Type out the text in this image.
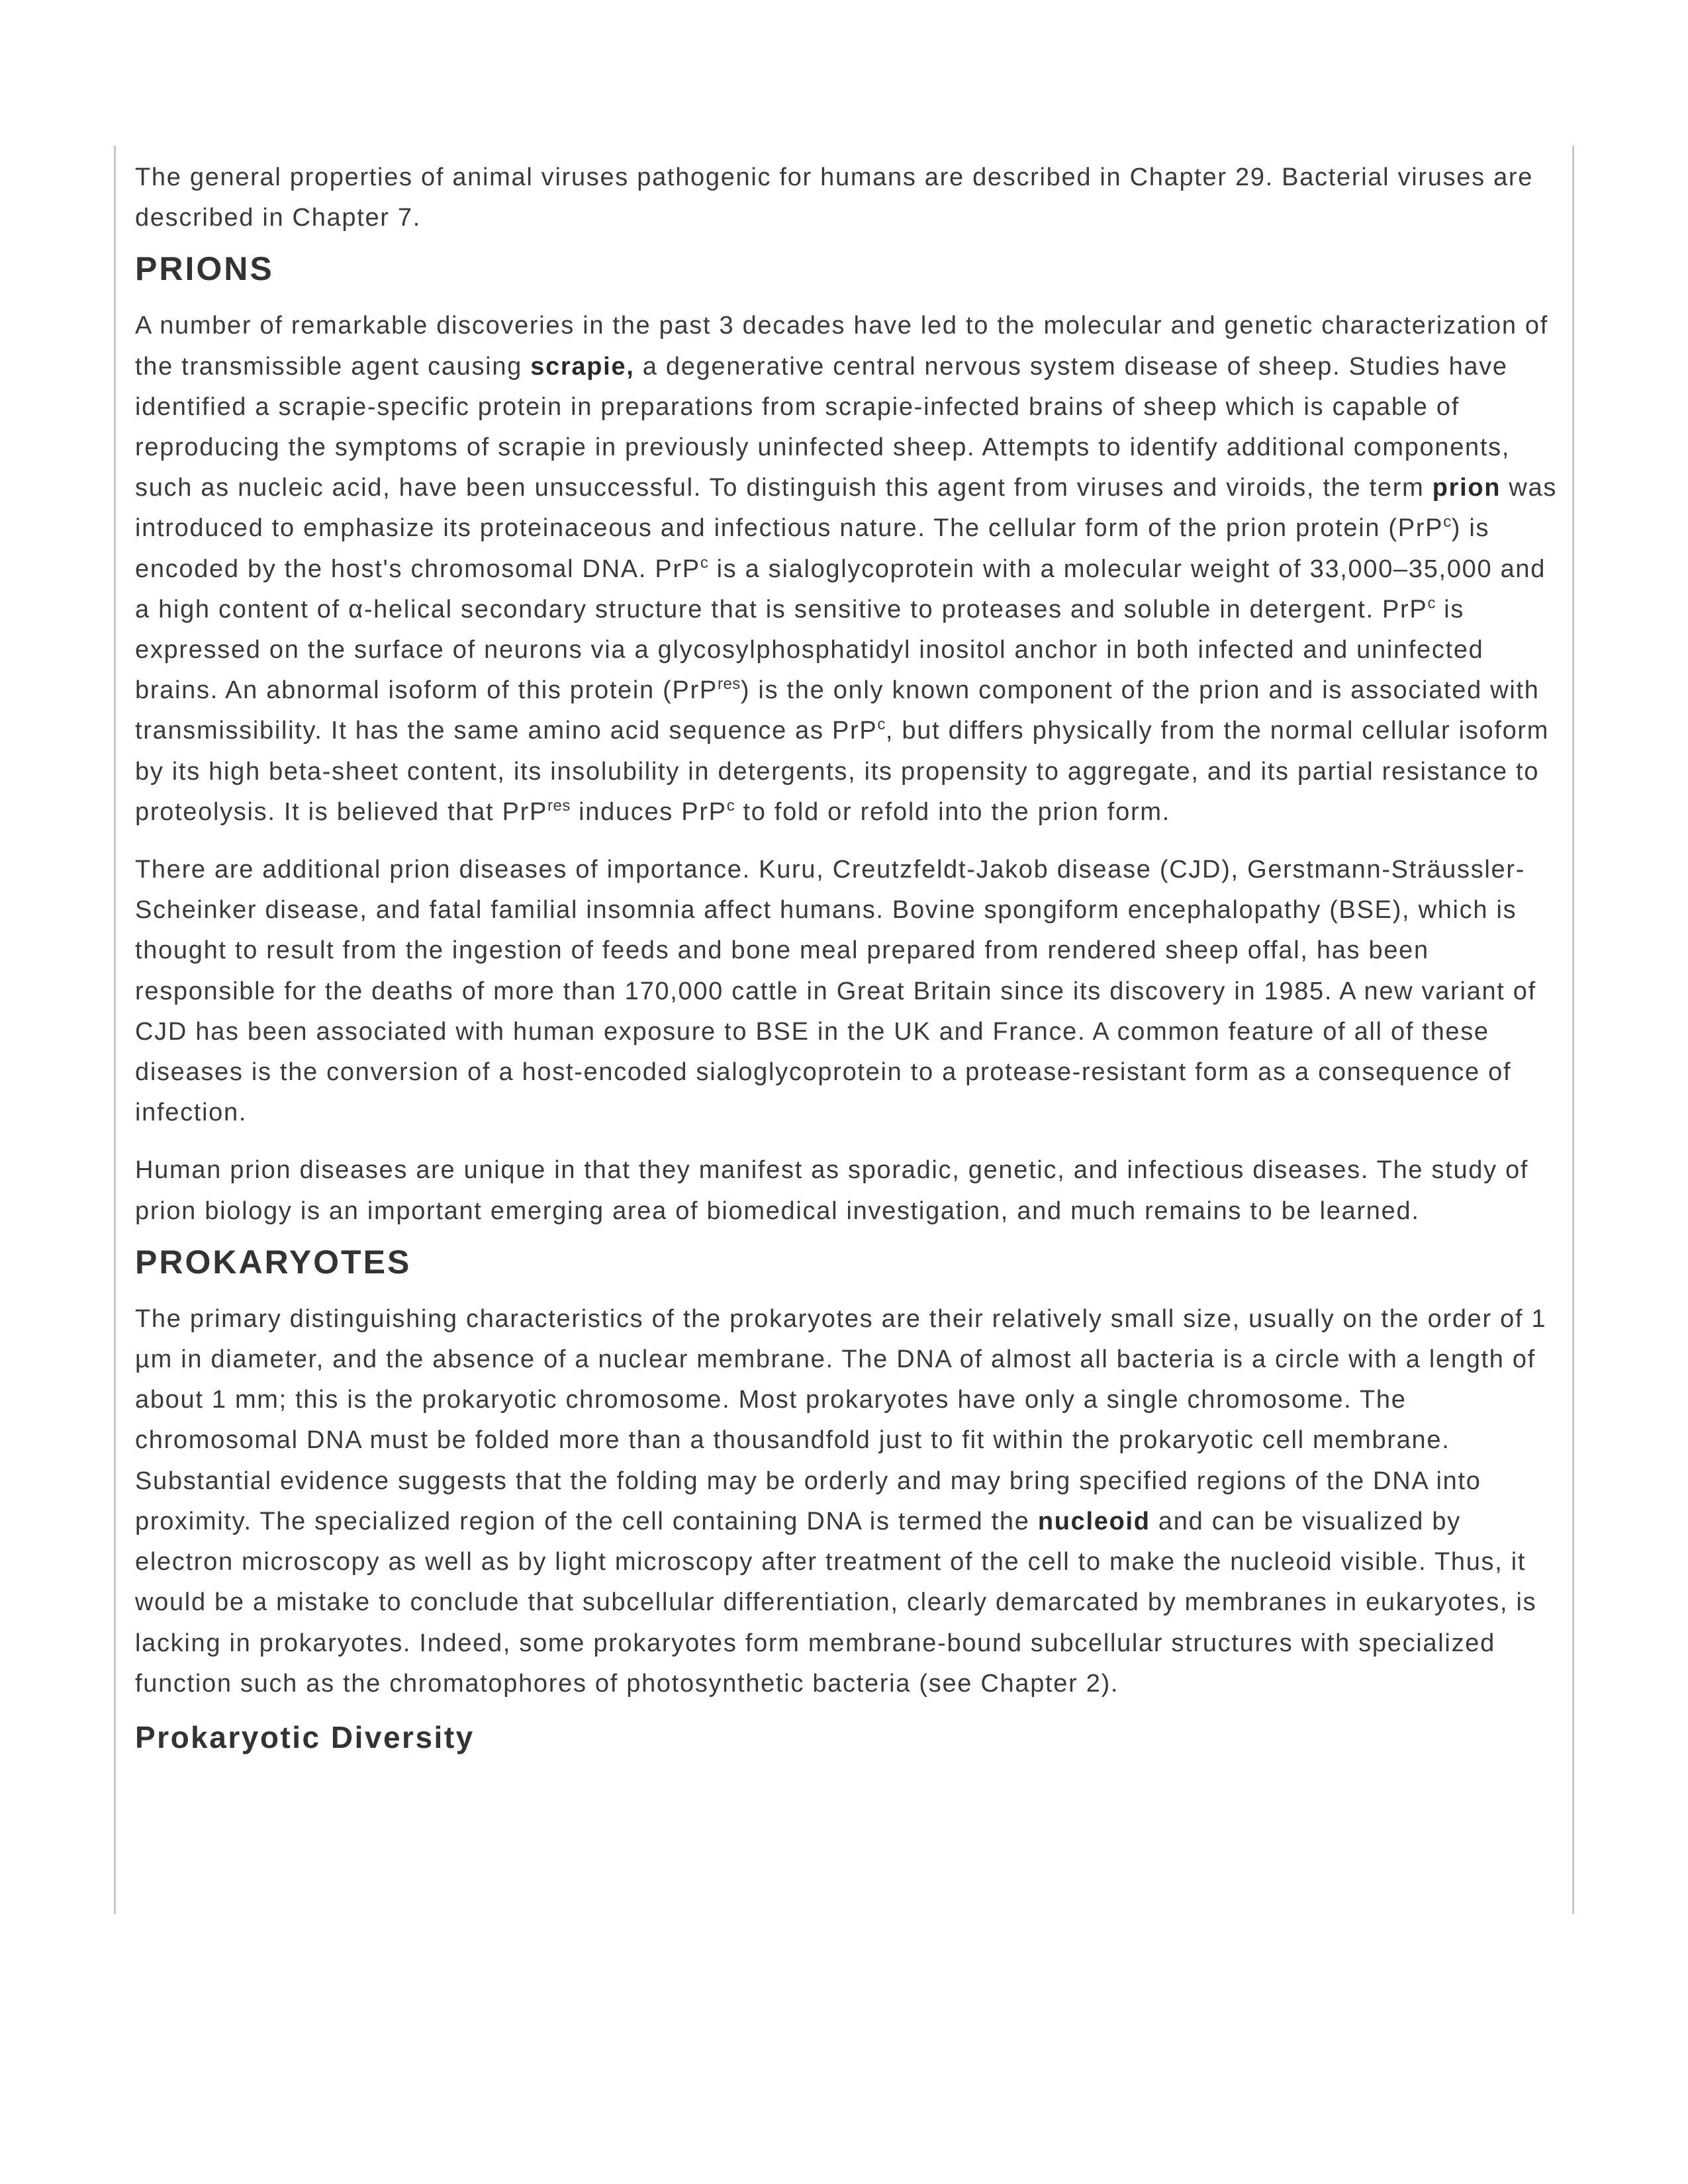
The general properties of animal viruses pathogenic for humans are described in Chapter 29. Bacterial viruses are described in Chapter 7.

PRIONS

A number of remarkable discoveries in the past 3 decades have led to the molecular and genetic characterization of the transmissible agent causing scrapie, a degenerative central nervous system disease of sheep. Studies have identified a scrapie-specific protein in preparations from scrapie-infected brains of sheep which is capable of reproducing the symptoms of scrapie in previously uninfected sheep. Attempts to identify additional components, such as nucleic acid, have been unsuccessful. To distinguish this agent from viruses and viroids, the term prion was introduced to emphasize its proteinaceous and infectious nature. The cellular form of the prion protein (PrP$^c$) is encoded by the host's chromosomal DNA. PrP$^c$ is a sialoglycoprotein with a molecular weight of 33,000–35,000 and a high content of α-helical secondary structure that is sensitive to proteases and soluble in detergent. PrP$^c$ is expressed on the surface of neurons via a glycosylphosphatidyl inositol anchor in both infected and uninfected brains. An abnormal isoform of this protein (PrP$^{res}$) is the only known component of the prion and is associated with transmissibility. It has the same amino acid sequence as PrP$^c$, but differs physically from the normal cellular isoform by its high beta-sheet content, its insolubility in detergents, its propensity to aggregate, and its partial resistance to proteolysis. It is believed that PrP$^{res}$ induces PrP$^c$ to fold or refold into the prion form.

There are additional prion diseases of importance. Kuru, Creutzfeldt-Jakob disease (CJD), Gerstmann-Sträussler-Scheinker disease, and fatal familial insomnia affect humans. Bovine spongiform encephalopathy (BSE), which is thought to result from the ingestion of feeds and bone meal prepared from rendered sheep offal, has been responsible for the deaths of more than 170,000 cattle in Great Britain since its discovery in 1985. A new variant of CJD has been associated with human exposure to BSE in the UK and France. A common feature of all of these diseases is the conversion of a host-encoded sialoglycoprotein to a protease-resistant form as a consequence of infection.

Human prion diseases are unique in that they manifest as sporadic, genetic, and infectious diseases. The study of prion biology is an important emerging area of biomedical investigation, and much remains to be learned.

PROKARYOTES

The primary distinguishing characteristics of the prokaryotes are their relatively small size, usually on the order of 1 µm in diameter, and the absence of a nuclear membrane. The DNA of almost all bacteria is a circle with a length of about 1 mm; this is the prokaryotic chromosome. Most prokaryotes have only a single chromosome. The chromosomal DNA must be folded more than a thousandfold just to fit within the prokaryotic cell membrane. Substantial evidence suggests that the folding may be orderly and may bring specified regions of the DNA into proximity. The specialized region of the cell containing DNA is termed the nucleoid and can be visualized by electron microscopy as well as by light microscopy after treatment of the cell to make the nucleoid visible. Thus, it would be a mistake to conclude that subcellular differentiation, clearly demarcated by membranes in eukaryotes, is lacking in prokaryotes. Indeed, some prokaryotes form membrane-bound subcellular structures with specialized function such as the chromatophores of photosynthetic bacteria (see Chapter 2).

Prokaryotic Diversity
